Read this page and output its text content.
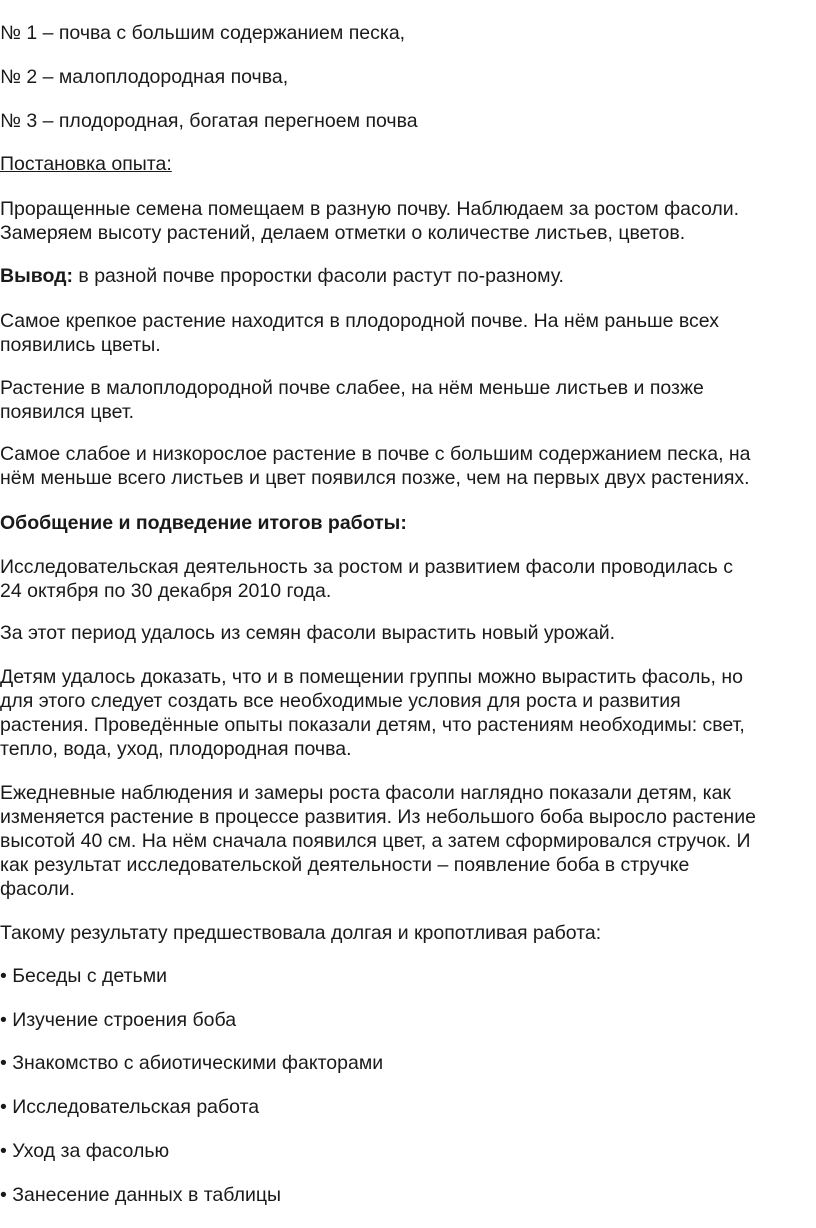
№ 1 – почва с большим содержанием песка,
№ 2 – малоплодородная почва,
№ 3 – плодородная, богатая перегноем почва
Постановка опыта:
Проращенные семена помещаем в разную почву. Наблюдаем за ростом фасоли.
Замеряем высоту растений, делаем отметки о количестве листьев, цветов.
Вывод: в разной почве проростки фасоли растут по-разному.
Самое крепкое растение находится в плодородной почве. На нём раньше всех
появились цветы.
Растение в малоплодородной почве слабее, на нём меньше листьев и позже
появился цвет.
Самое слабое и низкорослое растение в почве с большим содержанием песка, на
нём меньше всего листьев и цвет появился позже, чем на первых двух растениях.
Обобщение и подведение итогов работы:
Исследовательская деятельность за ростом и развитием фасоли проводилась с
24 октября по 30 декабря 2010 года.
За этот период удалось из семян фасоли вырастить новый урожай.
Детям удалось доказать, что и в помещении группы можно вырастить фасоль, но
для этого следует создать все необходимые условия для роста и развития
растения. Проведённые опыты показали детям, что растениям необходимы: свет,
тепло, вода, уход, плодородная почва.
Ежедневные наблюдения и замеры роста фасоли наглядно показали детям, как
изменяется растение в процессе развития. Из небольшого боба выросло растение
высотой 40 см. На нём сначала появился цвет, а затем сформировался стручок. И
как результат исследовательской деятельности – появление боба в стручке
фасоли.
Такому результату предшествовала долгая и кропотливая работа:
• Беседы с детьми
• Изучение строения боба
• Знакомство с абиотическими факторами
• Исследовательская работа
• Уход за фасолью
• Занесение данных в таблицы
